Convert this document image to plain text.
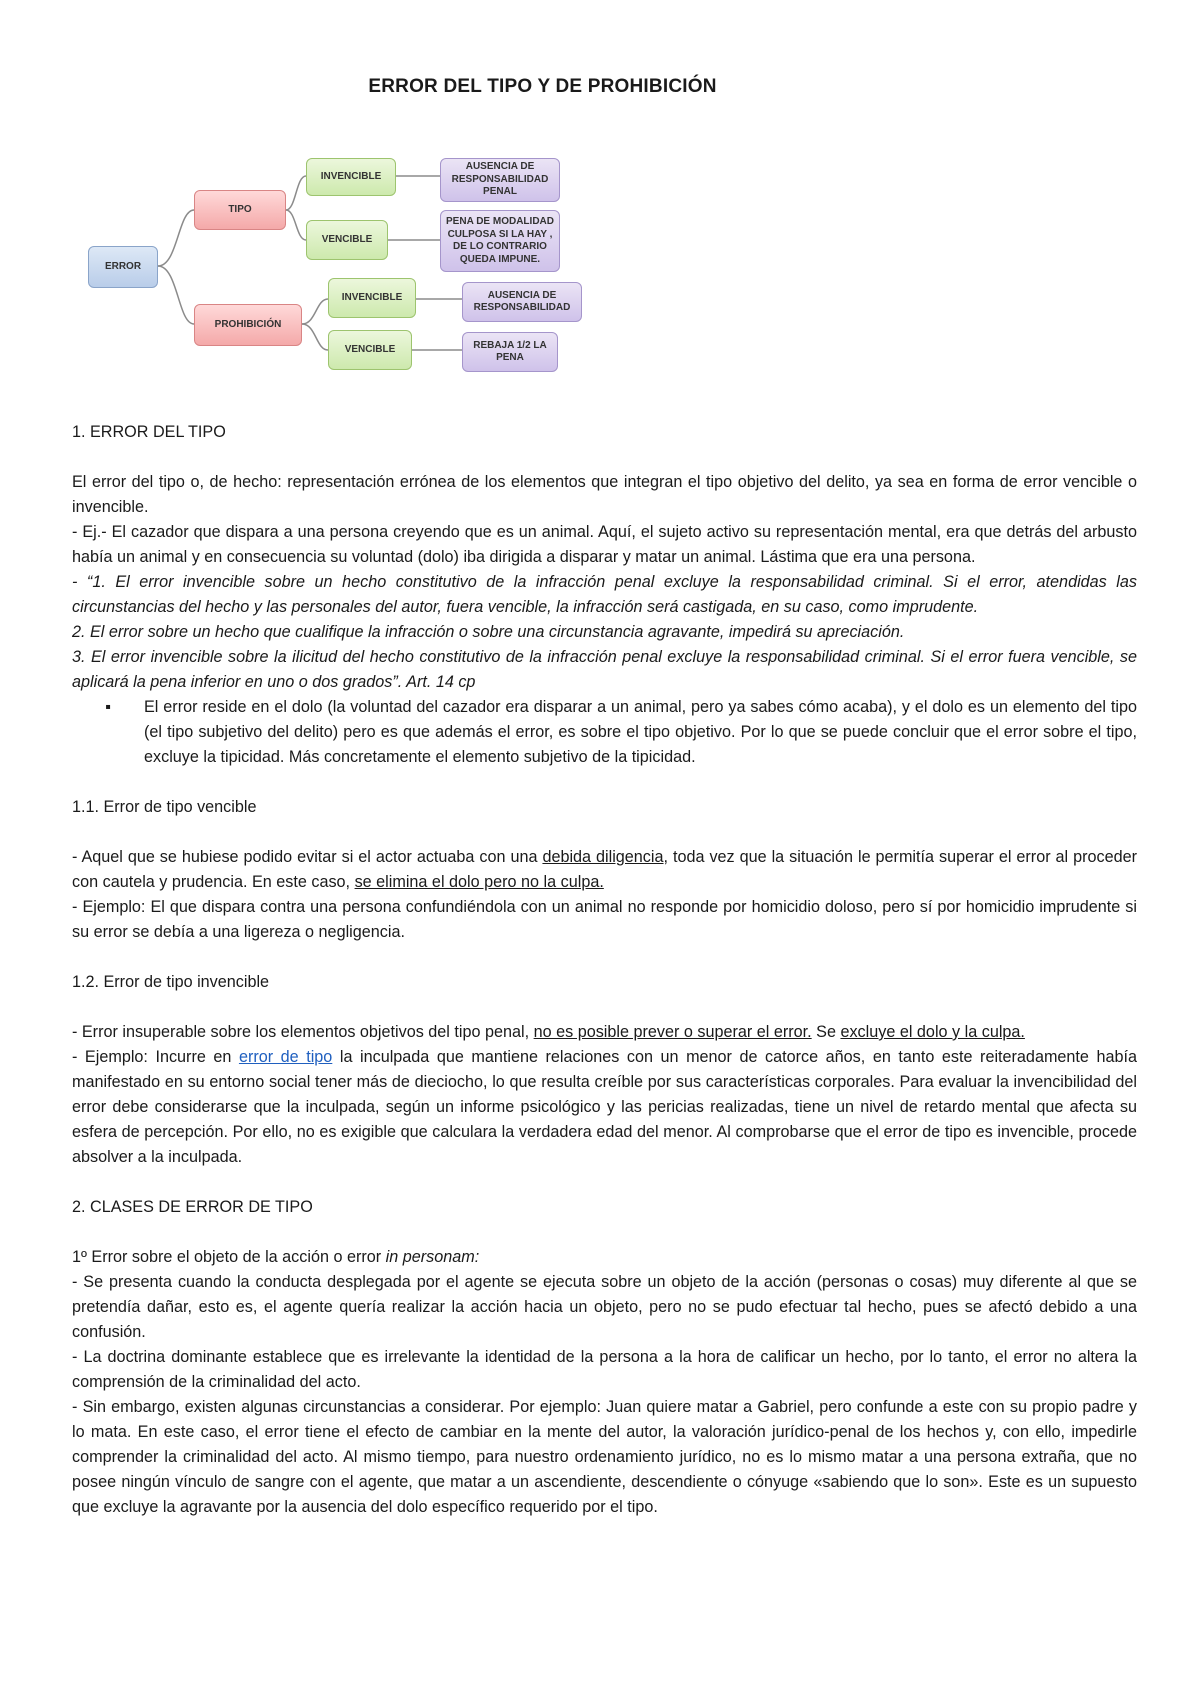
ERROR DEL TIPO Y DE PROHIBICIÓN
ERROR
TIPO
PROHIBICIÓN
INVENCIBLE
VENCIBLE
INVENCIBLE
VENCIBLE
AUSENCIA DE RESPONSABILIDAD PENAL
PENA DE MODALIDAD CULPOSA SI LA HAY , DE LO CONTRARIO QUEDA IMPUNE.
AUSENCIA DE RESPONSABILIDAD
REBAJA 1/2 LA PENA

1. ERROR DEL TIPO

El error del tipo o, de hecho: representación errónea de los elementos que integran el tipo objetivo del delito, ya sea en forma de error vencible o invencible.

- Ej.- El cazador que dispara a una persona creyendo que es un animal. Aquí, el sujeto activo su representación mental, era que detrás del arbusto había un animal y en consecuencia su voluntad (dolo) iba dirigida a disparar y matar un animal. Lástima que era una persona.

- “1. El error invencible sobre un hecho constitutivo de la infracción penal excluye la responsabilidad criminal. Si el error, atendidas las circunstancias del hecho y las personales del autor, fuera vencible, la infracción será castigada, en su caso, como imprudente.

2. El error sobre un hecho que cualifique la infracción o sobre una circunstancia agravante, impedirá su apreciación.

3. El error invencible sobre la ilicitud del hecho constitutivo de la infracción penal excluye la responsabilidad criminal. Si el error fuera vencible, se aplicará la pena inferior en uno o dos grados”. Art. 14 cp

▪	El error reside en el dolo (la voluntad del cazador era disparar a un animal, pero ya sabes cómo acaba), y el dolo es un elemento del tipo (el tipo subjetivo del delito) pero es que además el error, es sobre el tipo objetivo. Por lo que se puede concluir que el error sobre el tipo, excluye la tipicidad. Más concretamente el elemento subjetivo de la tipicidad.

1.1. Error de tipo vencible

- Aquel que se hubiese podido evitar si el actor actuaba con una debida diligencia, toda vez que la situación le permitía superar el error al proceder con cautela y prudencia. En este caso, se elimina el dolo pero no la culpa.

- Ejemplo: El que dispara contra una persona confundiéndola con un animal no responde por homicidio doloso, pero sí por homicidio imprudente si su error se debía a una ligereza o negligencia.

1.2. Error de tipo invencible

- Error insuperable sobre los elementos objetivos del tipo penal, no es posible prever o superar el error. Se excluye el dolo y la culpa.

- Ejemplo: Incurre en error de tipo la inculpada que mantiene relaciones con un menor de catorce años, en tanto este reiteradamente había manifestado en su entorno social tener más de dieciocho, lo que resulta creíble por sus características corporales. Para evaluar la invencibilidad del error debe considerarse que la inculpada, según un informe psicológico y las pericias realizadas, tiene un nivel de retardo mental que afecta su esfera de percepción. Por ello, no es exigible que calculara la verdadera edad del menor. Al comprobarse que el error de tipo es invencible, procede absolver a la inculpada.

2. CLASES DE ERROR DE TIPO

1º Error sobre el objeto de la acción o error in personam:

- Se presenta cuando la conducta desplegada por el agente se ejecuta sobre un objeto de la acción (personas o cosas) muy diferente al que se pretendía dañar, esto es, el agente quería realizar la acción hacia un objeto, pero no se pudo efectuar tal hecho, pues se afectó debido a una confusión.

- La doctrina dominante establece que es irrelevante la identidad de la persona a la hora de calificar un hecho, por lo tanto, el error no altera la comprensión de la criminalidad del acto.

- Sin embargo, existen algunas circunstancias a considerar. Por ejemplo: Juan quiere matar a Gabriel, pero confunde a este con su propio padre y lo mata. En este caso, el error tiene el efecto de cambiar en la mente del autor, la valoración jurídico-penal de los hechos y, con ello, impedirle comprender la criminalidad del acto. Al mismo tiempo, para nuestro ordenamiento jurídico, no es lo mismo matar a una persona extraña, que no posee ningún vínculo de sangre con el agente, que matar a un ascendiente, descendiente o cónyuge «sabiendo que lo son». Este es un supuesto que excluye la agravante por la ausencia del dolo específico requerido por el tipo.
